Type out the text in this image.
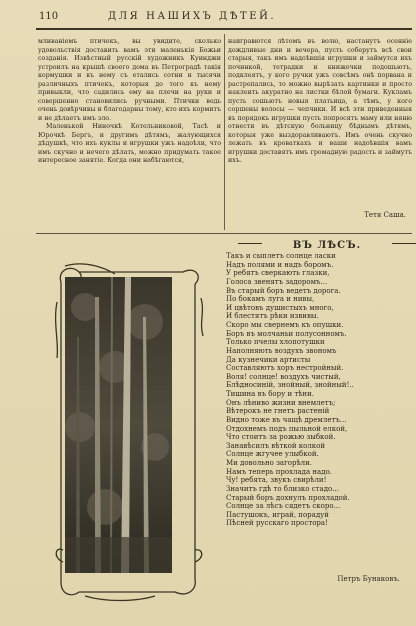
110	ДЛЯ НАШИХЪ ДѢТЕЙ.

мливаніемъ птичекъ, вы увидите, сколько удовольствія доставить вамъ эти маленькія Божьи созданія. Извѣстный русскій художникъ Куинджи устроилъ на крышѣ своего дома въ Петроградѣ такія кормушки и къ нему съ етались сотни и тысячи различныхъ птичекъ, которыя до того къ нему привыкли, что садились ему на плечи на руки и совершенно становились ручными. Птички ведь очень довѣрчивы и благодарны тому, кто ихъ кормитъ и не дѣлаетъ имъ зло.

Маленькой Ниночкѣ Котельниковой, Тасѣ и Юрочкѣ Бергъ, и другимъ дѣтямъ, жалующихся дѣдушкѣ, что ихъ куклы и игрушки ужъ надоѣли, что имъ скучно и нечего дѣлать, можно придумать такое интересное занятіе. Когда они набѣгаются,

наигравются лѣтомъ въ волю, настанутъ осенніе дождливые дни и вечера, пусть соберутъ всѣ свои старыя, такъ имъ надоѣвшія игрушки и займутся ихъ починкой, тетрадки и книжечки подошьютъ, подклеятъ, у кого ручки ужъ совсѣмъ онѣ порвана и растрепались, то можно вырѣзать картинки и просто наклеить акуратно на листки бѣлой бумаги. Кукламъ пусть сошьютъ новыя платьица, а тѣмъ, у кого соршены волосы — чепчики. И всѣ эти приведенныя въ порядокъ игрушки пусть попросятъ маму или няню отнести въ дѣтскую больницу бѣднымъ дѣтямъ, которыя уже выздоравливаютъ. Имъ очень скучно лежать въ кроваткахъ и ваши надоѣвшія вамъ игрушки доставятъ имъ громадную радость и займутъ ихъ.

Тетя Саша.
ВЪ ЛѢСЪ.
Такъ и сыплетъ солнце ласки
Надъ полями и надъ боромъ.
У ребятъ сверкають глазки,
Голоса звенятъ задоромъ...
Въ старый боръ ведетъ дорога.
По бокамъ луга и нивы,
И цвѣтовъ душистыхъ много,
И блестятъ рѣки извивы.
Скоро мы свернемъ къ опушки.
Боръ въ молчаньи полусонномъ.
Только пчелы хлопотушки
Наполняють воздухъ звономъ
Да кузнечики артисты
Составляютъ хоръ нестройный.
Воля! солнце! воздухъ чистый,
Блѣдносиній, знойный, знойный!..
Тишина въ бору и тѣни.
Онъ лѣниво жизни внемлетъ;
Вѣтерокъ не гнетъ растеній
Видно тоже въ чащѣ дремлетъ...
Отдохнемъ подъ пыльной елкой,
Что стоитъ за рожью зыбкой.
Занавѣсилъ вѣткой колкой
Солнце жгучее улыбкой.
Ми довольно загорѣли.
Намъ теперь прохлада надо.
Чу! ребята, звукъ свирѣли!
Значитъ гдѣ то близко стадо...
Старый боръ дохнулъ прохладой.
Солнце за лѣсъ сядетъ скоро...
Пастушокъ, играй, порадуй
Пѣсней русскаго простора!
Петръ Бунаковъ.
